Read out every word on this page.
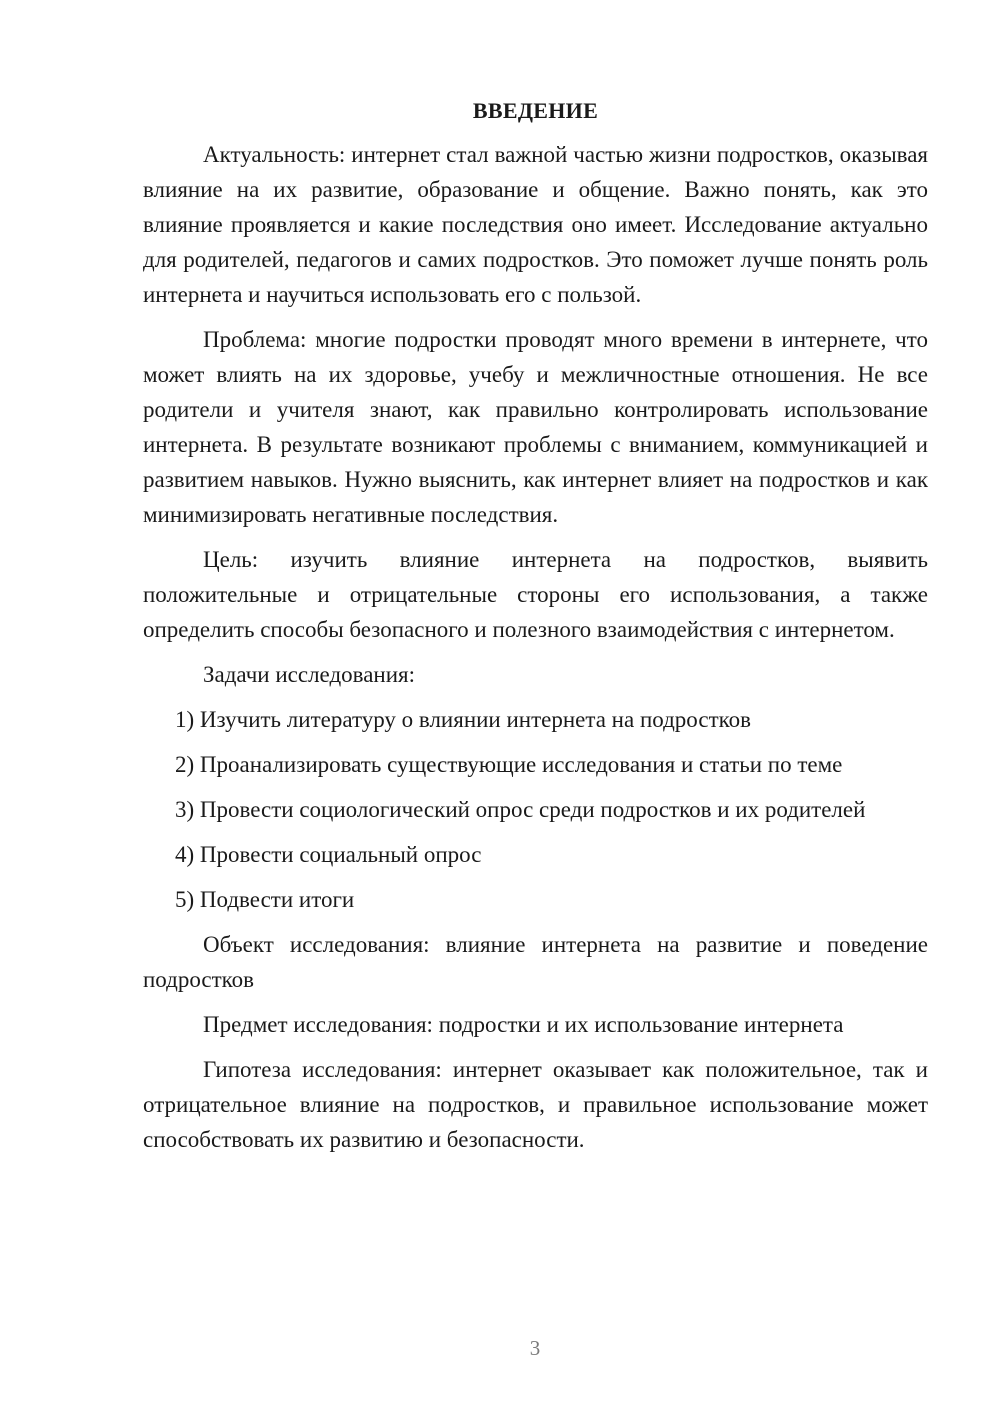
ВВЕДЕНИЕ

Актуальность: интернет стал важной частью жизни подростков, оказывая влияние на их развитие, образование и общение. Важно понять, как это влияние проявляется и какие последствия оно имеет. Исследование актуально для родителей, педагогов и самих подростков. Это поможет лучше понять роль интернета и научиться использовать его с пользой.

Проблема: многие подростки проводят много времени в интернете, что может влиять на их здоровье, учебу и межличностные отношения. Не все родители и учителя знают, как правильно контролировать использование интернета. В результате возникают проблемы с вниманием, коммуникацией и развитием навыков. Нужно выяснить, как интернет влияет на подростков и как минимизировать негативные последствия.

Цель: изучить влияние интернета на подростков, выявить положительные и отрицательные стороны его использования, а также определить способы безопасного и полезного взаимодействия с интернетом.

Задачи исследования:

1) Изучить литературу о влиянии интернета на подростков
2) Проанализировать существующие исследования и статьи по теме
3) Провести социологический опрос среди подростков и их родителей
4) Провести социальный опрос
5) Подвести итоги

Объект исследования: влияние интернета на развитие и поведение подростков

Предмет исследования: подростки и их использование интернета

Гипотеза исследования: интернет оказывает как положительное, так и отрицательное влияние на подростков, и правильное использование может способствовать их развитию и безопасности.

3
